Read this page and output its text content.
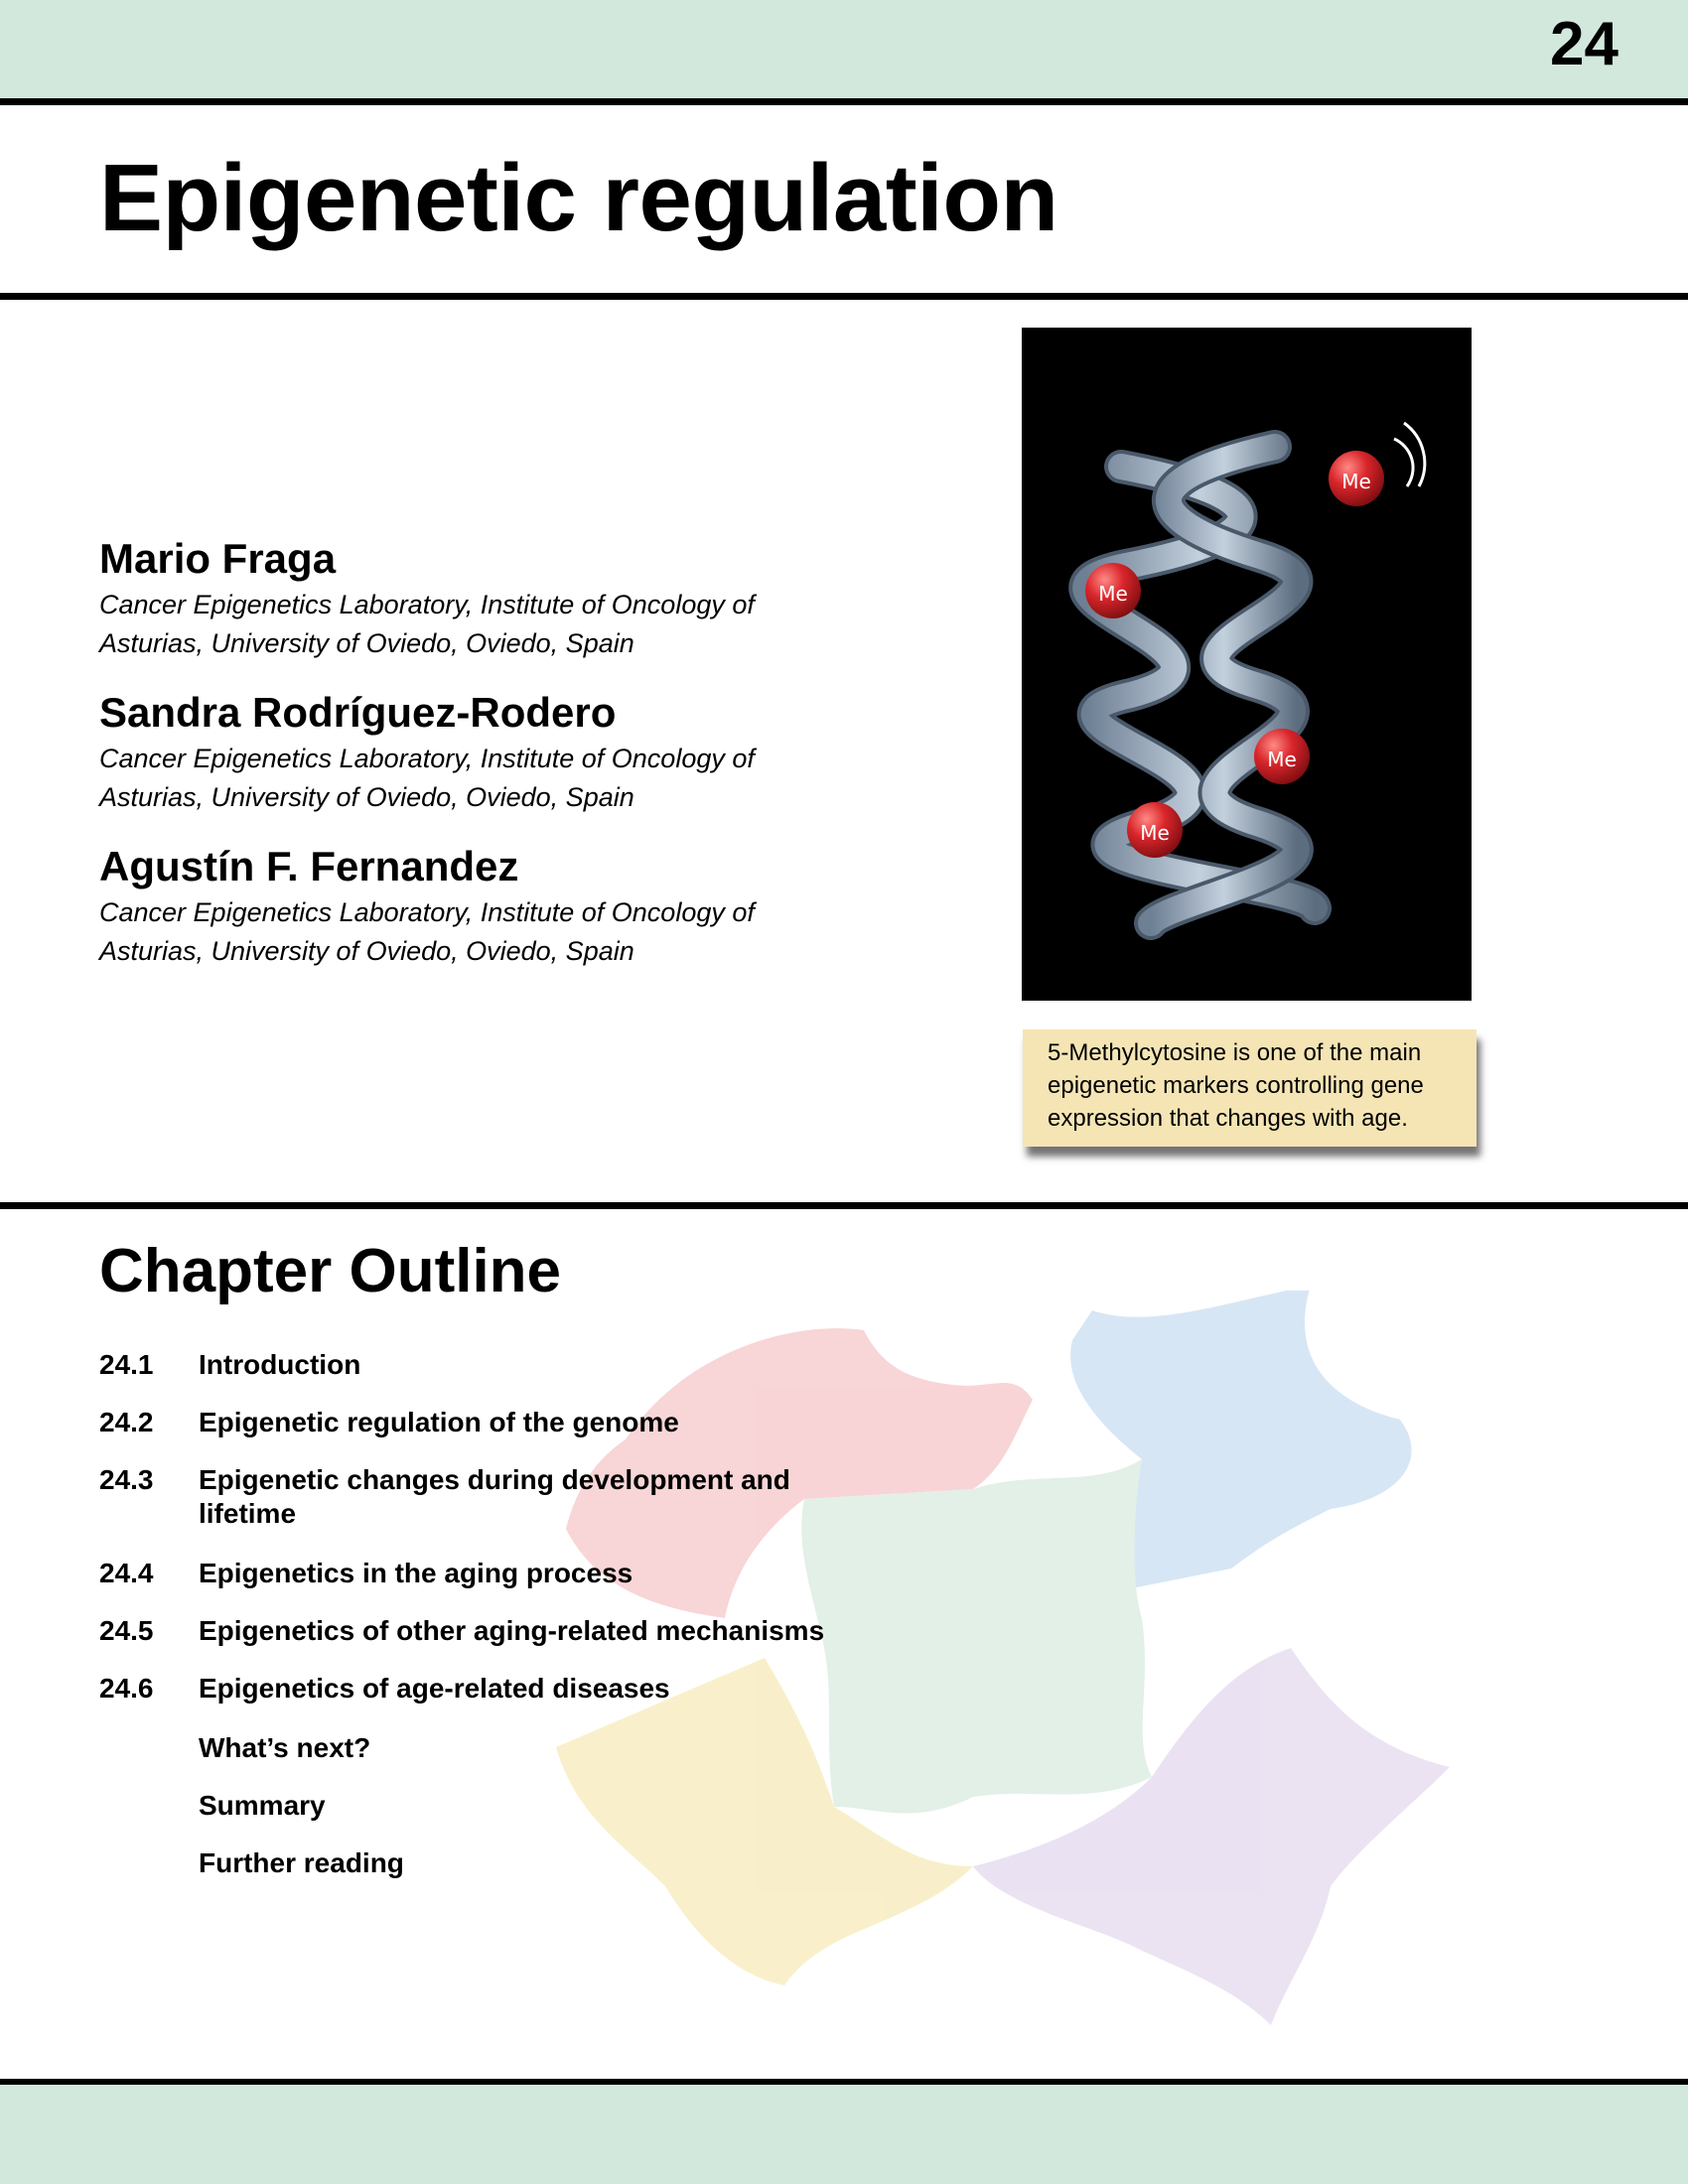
24
Epigenetic regulation
Mario Fraga
Cancer Epigenetics Laboratory, Institute of Oncology of Asturias, University of Oviedo, Oviedo, Spain
Sandra Rodríguez-Rodero
Cancer Epigenetics Laboratory, Institute of Oncology of Asturias, University of Oviedo, Oviedo, Spain
Agustín F. Fernandez
Cancer Epigenetics Laboratory, Institute of Oncology of Asturias, University of Oviedo, Oviedo, Spain
Me
Me
Me
Me
5-Methylcytosine is one of the main epigenetic markers controlling gene expression that changes with age.
Chapter Outline
24.1	Introduction
24.2	Epigenetic regulation of the genome
24.3	Epigenetic changes during development and lifetime
24.4	Epigenetics in the aging process
24.5	Epigenetics of other aging-related mechanisms
24.6	Epigenetics of age-related diseases
What’s next?
Summary
Further reading
